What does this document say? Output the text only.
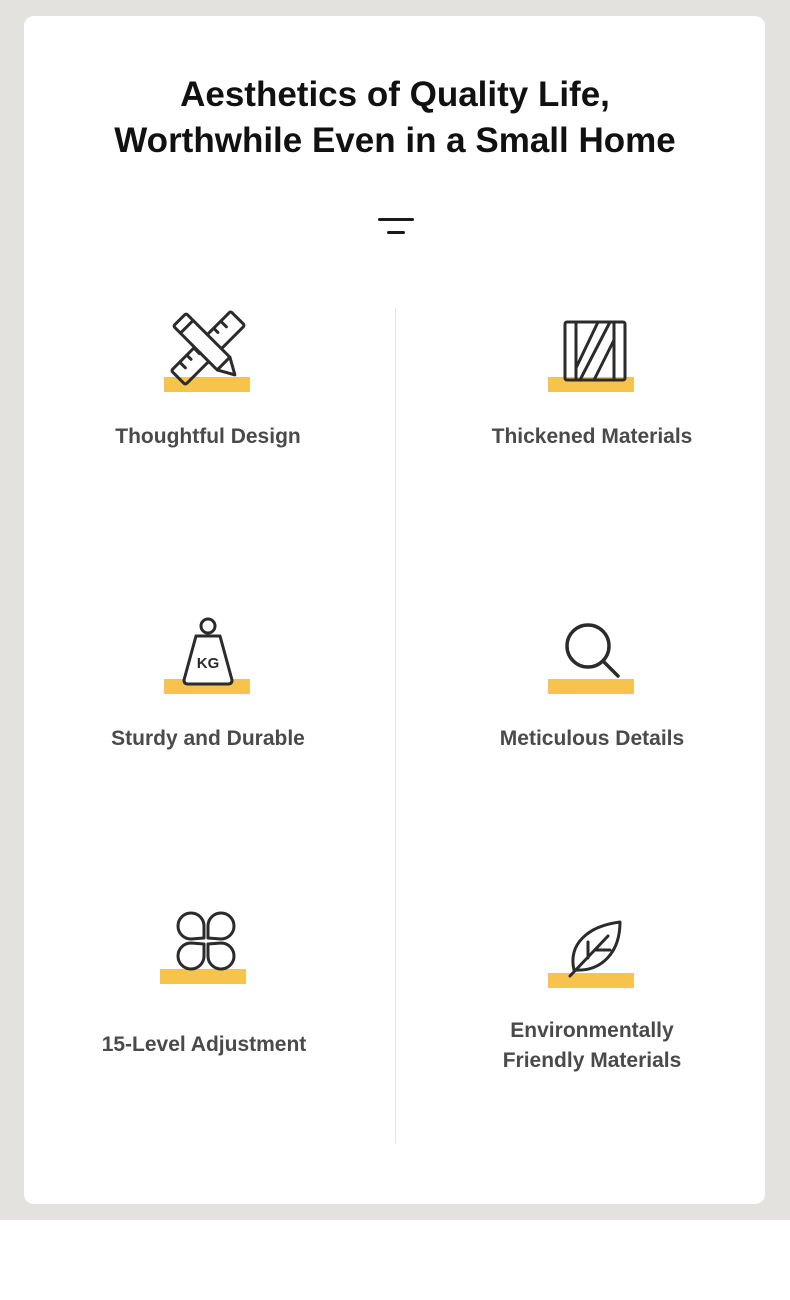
Aesthetics of Quality Life,
Worthwhile Even in a Small Home
Thoughtful Design	Thickened Materials
KG
Sturdy and Durable	Meticulous Details
15-Level Adjustment
Environmentally
Friendly Materials
